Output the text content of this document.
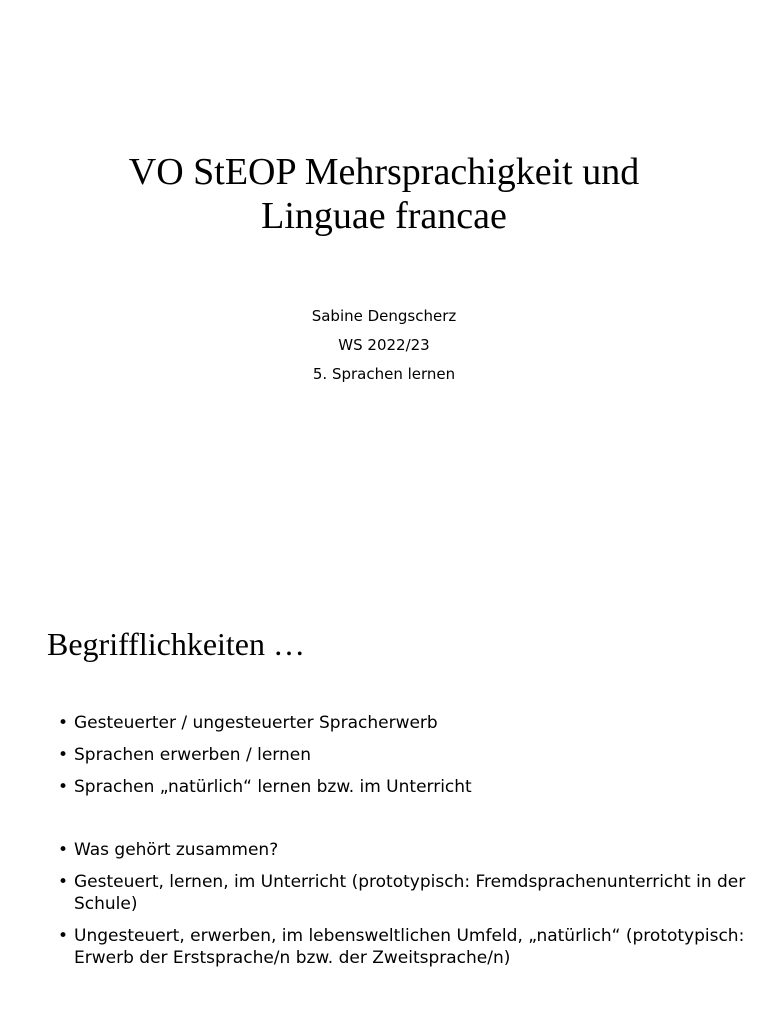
VO StEOP Mehrsprachigkeit und
Linguae francae
Sabine Dengscherz
WS 2022/23
5. Sprachen lernen
Begrifflichkeiten …
• Gesteuerter / ungesteuerter Spracherwerb
• Sprachen erwerben / lernen
• Sprachen „natürlich“ lernen bzw. im Unterricht
• Was gehört zusammen?
• Gesteuert, lernen, im Unterricht (prototypisch: Fremdsprachenunterricht in der Schule)
• Ungesteuert, erwerben, im lebensweltlichen Umfeld, „natürlich“ (prototypisch: Erwerb der Erstsprache/n bzw. der Zweitsprache/n)
